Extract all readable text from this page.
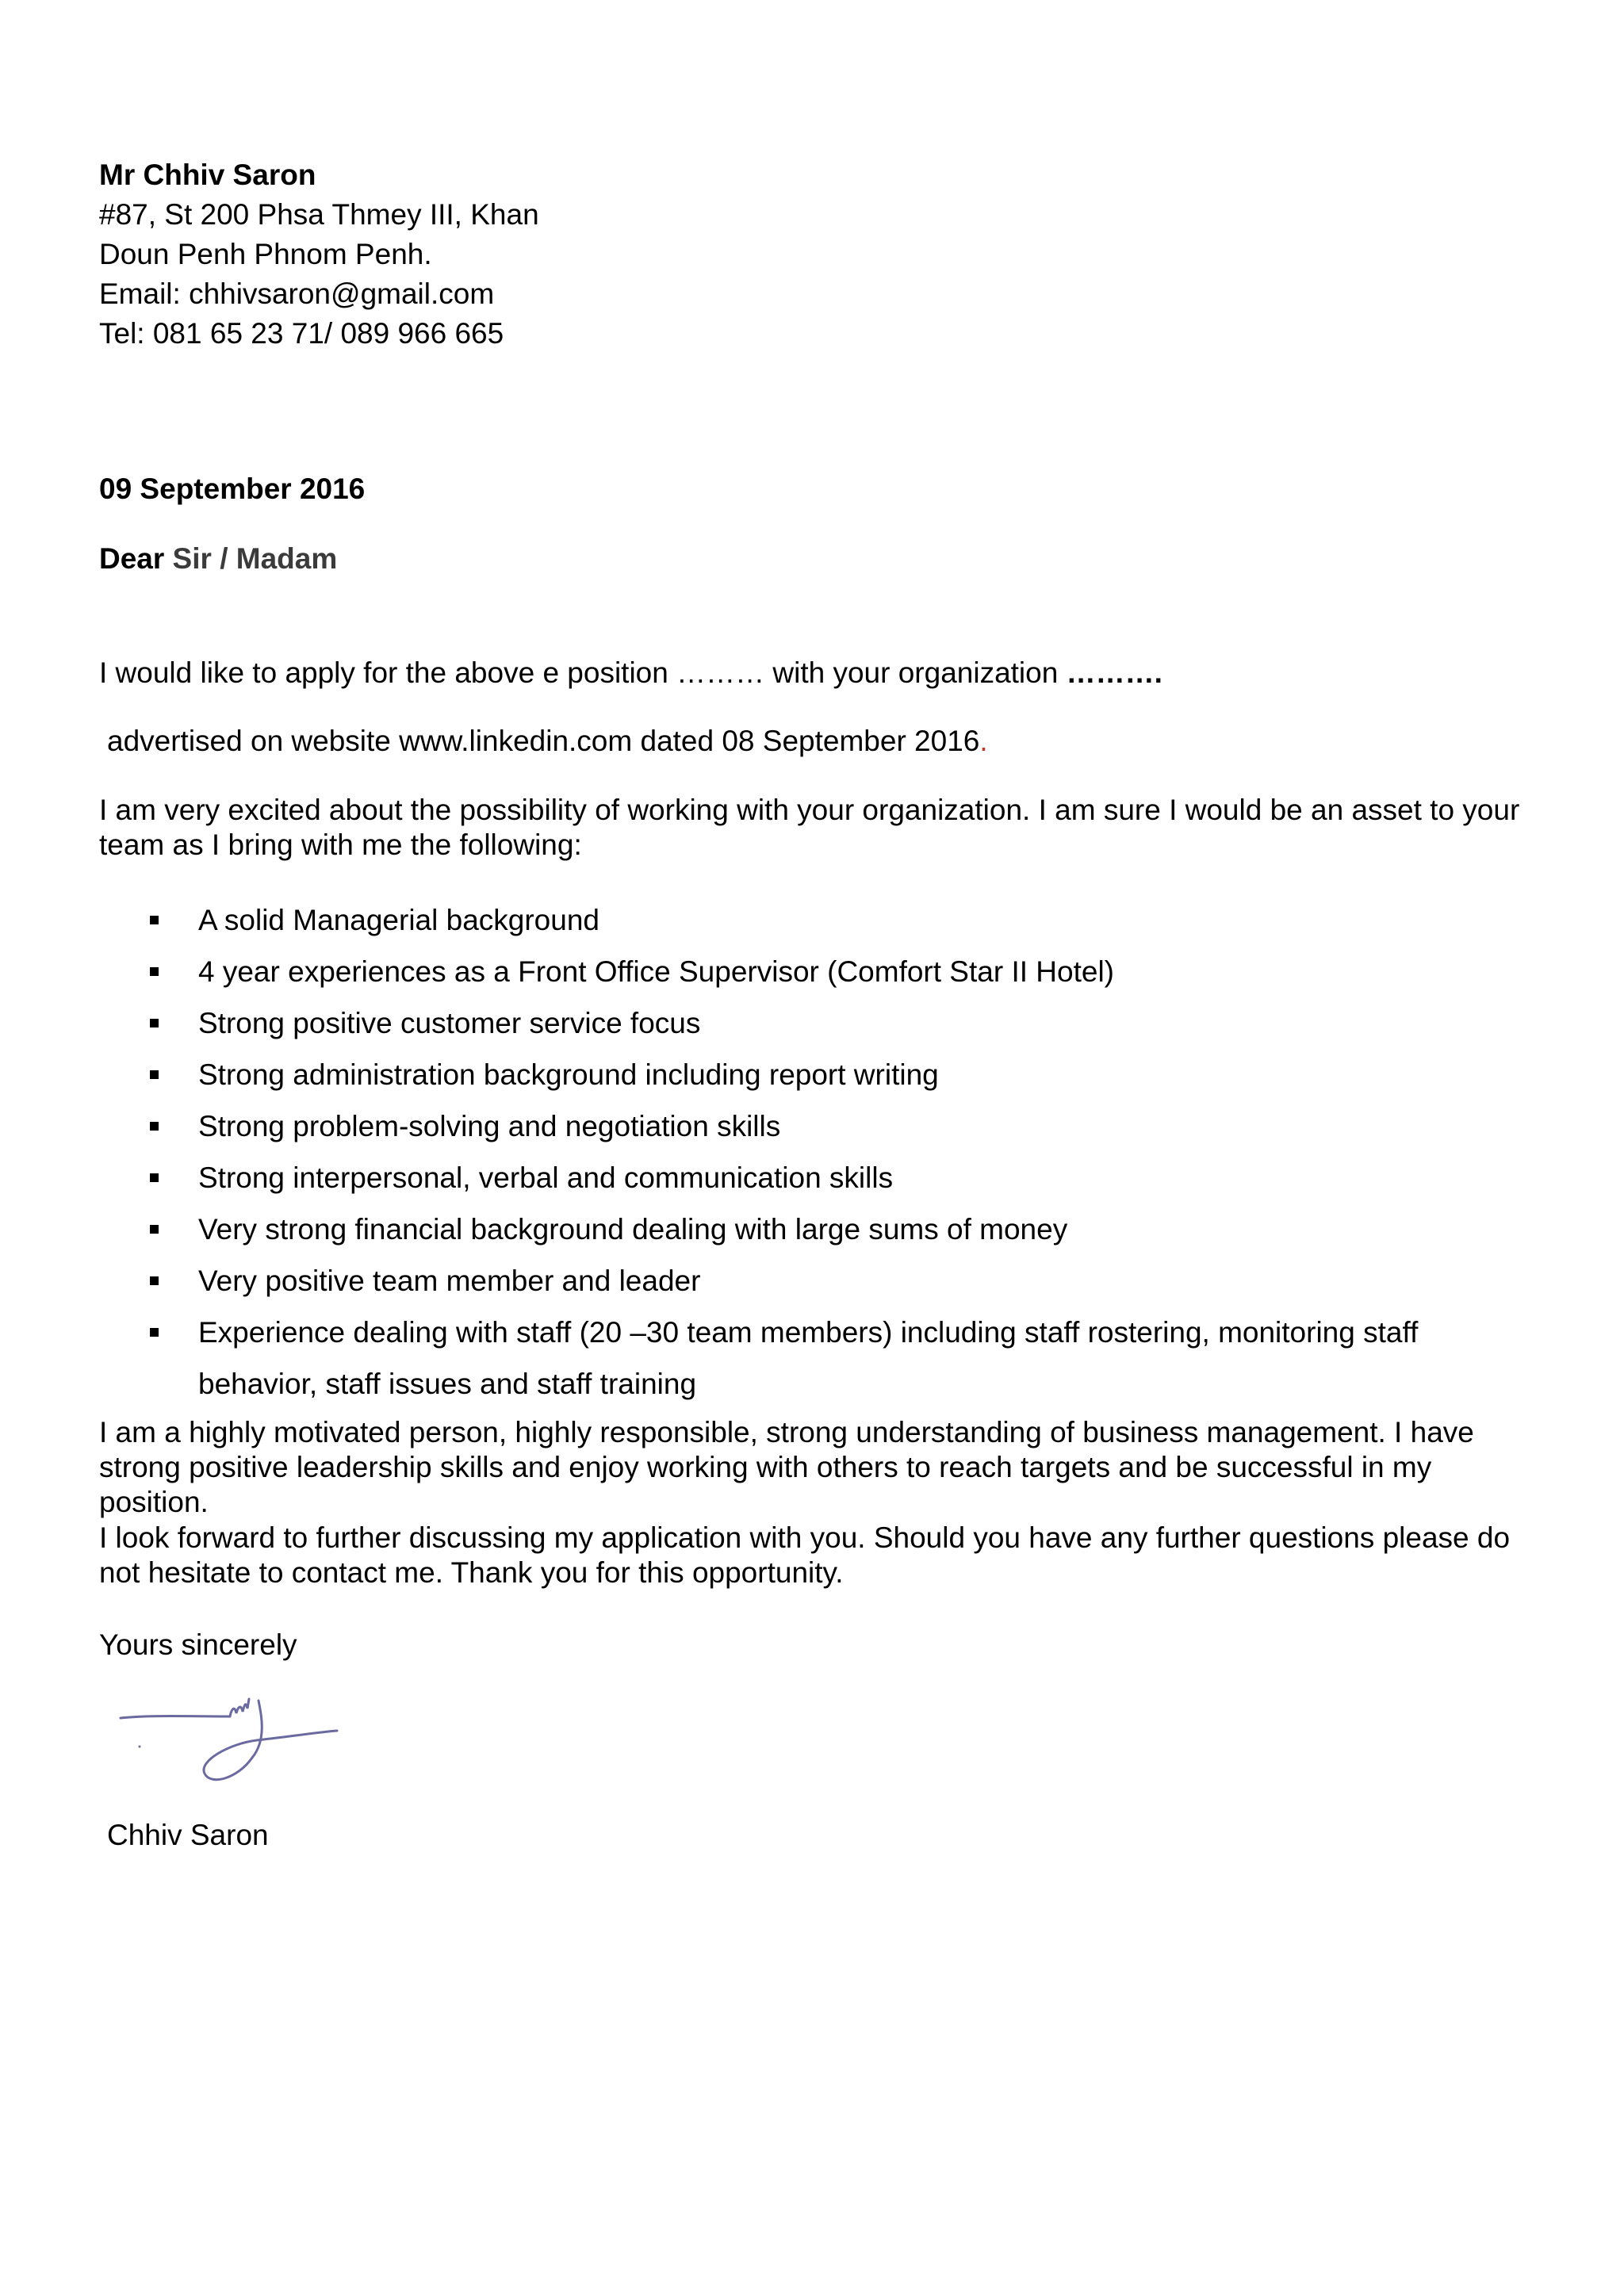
Mr Chhiv Saron
#87, St 200 Phsa Thmey III, Khan
Doun Penh Phnom Penh.
Email: chhivsaron@gmail.com
Tel: 081 65 23 71/ 089 966 665

09 September 2016

Dear Sir / Madam

I would like to apply for the above e position ……… with your organization ……….

advertised on website www.linkedin.com dated 08 September 2016.

I am very excited about the possibility of working with your organization. I am sure I would be an asset to your team as I bring with me the following:

A solid Managerial background
4 year experiences as a Front Office Supervisor (Comfort Star II Hotel)
Strong positive customer service focus
Strong administration background including report writing
Strong problem-solving and negotiation skills
Strong interpersonal, verbal and communication skills
Very strong financial background dealing with large sums of money
Very positive team member and leader
Experience dealing with staff (20 –30 team members) including staff rostering, monitoring staff behavior, staff issues and staff training

I am a highly motivated person, highly responsible, strong understanding of business management. I have strong positive leadership skills and enjoy working with others to reach targets and be successful in my position.

I look forward to further discussing my application with you. Should you have any further questions please do not hesitate to contact me. Thank you for this opportunity.

Yours sincerely

Chhiv Saron
